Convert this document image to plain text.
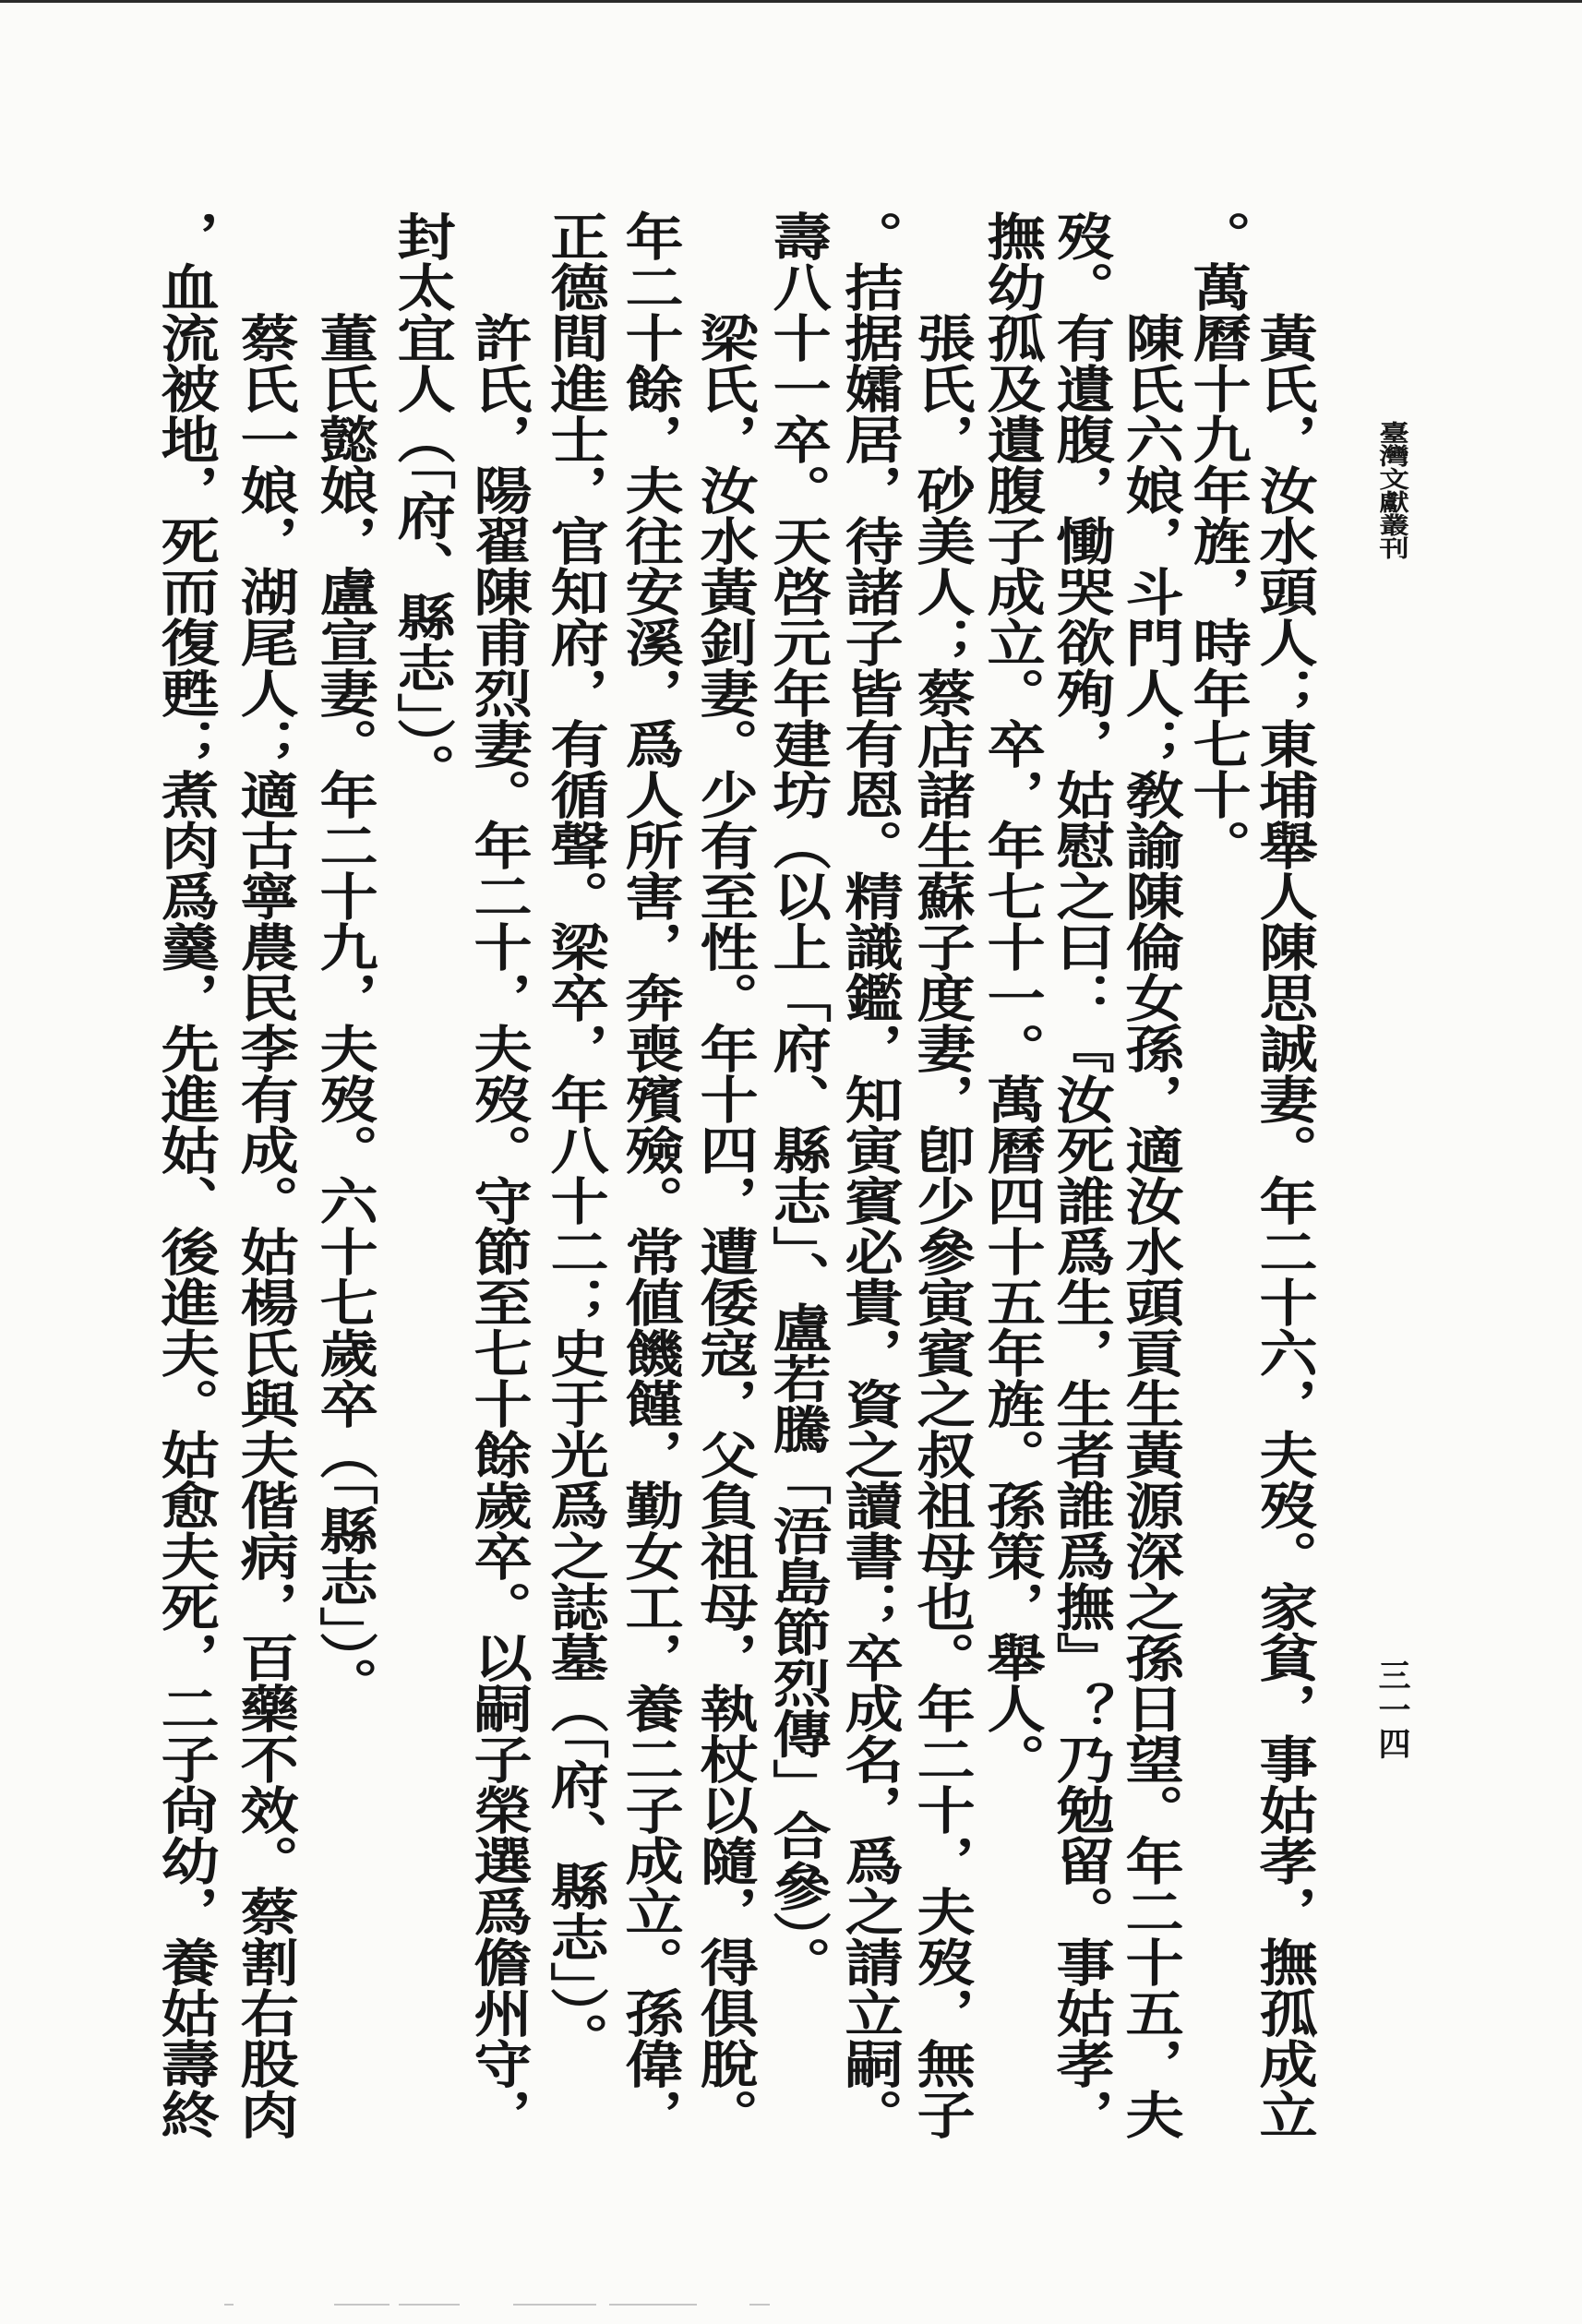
臺灣文獻叢刊
三一四
黃氏，汝水頭人；東埔舉人陳思誠妻。年二十六，夫歿。家貧，事姑孝，撫孤成立
。萬曆十九年旌，時年七十。
陳氏六娘，斗門人；敎諭陳倫女孫，適汝水頭貢生黃源深之孫日望。年二十五，夫
歿。有遺腹，慟哭欲殉，姑慰之曰：『汝死誰爲生，生者誰爲撫』？乃勉留。事姑孝，
撫幼孤及遺腹子成立。卒，年七十一。萬曆四十五年旌。孫策，舉人。
張氏，砂美人；蔡店諸生蘇子度妻，卽少參寅賓之叔祖母也。年二十，夫歿，無子
。拮据孀居，待諸子皆有恩。精識鑑，知寅賓必貴，資之讀書；卒成名，爲之請立嗣。
壽八十一卒。天啓元年建坊（以上「府、縣志」、盧若騰「浯島節烈傳」合參）。
梁氏，汝水黃釗妻。少有至性。年十四，遭倭寇，父負祖母，執杖以隨，得俱脫。
年二十餘，夫往安溪，爲人所害，奔喪殯殮。常値饑饉，勤女工，養二子成立。孫偉，
正德間進士，官知府，有循聲。梁卒，年八十二；史于光爲之誌墓（「府、縣志」）。
許氏，陽翟陳甫烈妻。年二十，夫歿。守節至七十餘歲卒。以嗣子榮選爲儋州守，
封太宜人（「府、縣志」）。
董氏懿娘，盧宣妻。年二十九，夫歿。六十七歲卒（「縣志」）。
蔡氏一娘，湖尾人；適古寧農民李有成。姑楊氏與夫偕病，百藥不效。蔡割右股肉
，血流被地，死而復甦；煮肉爲羹，先進姑、後進夫。姑愈夫死，二子尙幼，養姑壽終
